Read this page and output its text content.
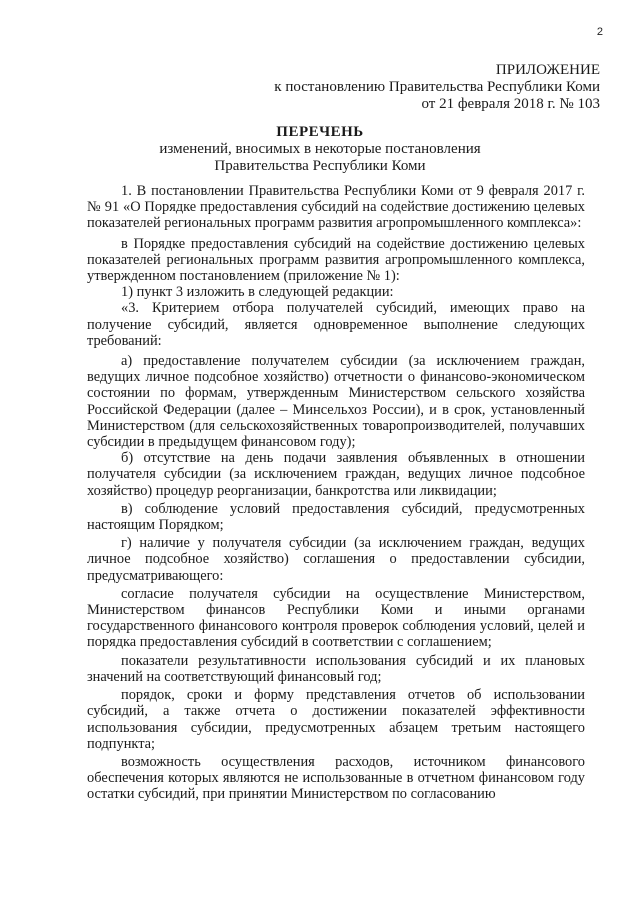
2
ПРИЛОЖЕНИЕ
к постановлению Правительства Республики Коми
от 21 февраля 2018 г. № 103
ПЕРЕЧЕНЬ
изменений, вносимых в некоторые постановления
Правительства Республики Коми

1. В постановлении Правительства Республики Коми от 9 февраля 2017 г. № 91 «О Порядке предоставления субсидий на содействие достижению целевых показателей региональных программ развития агропромышленного комплекса»:

в Порядке предоставления субсидий на содействие достижению целевых показателей региональных программ развития агропромышленного комплекса, утвержденном постановлением (приложение № 1):

1) пункт 3 изложить в следующей редакции:

«3. Критерием отбора получателей субсидий, имеющих право на получение субсидий, является одновременное выполнение следующих требований:

а) предоставление получателем субсидии (за исключением граждан, ведущих личное подсобное хозяйство) отчетности о финансово-экономическом состоянии по формам, утвержденным Министерством сельского хозяйства Российской Федерации (далее – Минсельхоз России), и в срок, установленный Министерством (для сельскохозяйственных товаропроизводителей, получавших субсидии в предыдущем финансовом году);

б) отсутствие на день подачи заявления объявленных в отношении получателя субсидии (за исключением граждан, ведущих личное подсобное хозяйство) процедур реорганизации, банкротства или ликвидации;

в) соблюдение условий предоставления субсидий, предусмотренных настоящим Порядком;

г) наличие у получателя субсидии (за исключением граждан, ведущих личное подсобное хозяйство) соглашения о предоставлении субсидии, предусматривающего:

согласие получателя субсидии на осуществление Министерством, Министерством финансов Республики Коми и иными органами государственного финансового контроля проверок соблюдения условий, целей и порядка предоставления субсидий в соответствии с соглашением;

показатели результативности использования субсидий и их плановых значений на соответствующий финансовый год;

порядок, сроки и форму представления отчетов об использовании субсидий, а также отчета о достижении показателей эффективности использования субсидии, предусмотренных абзацем третьим настоящего подпункта;

возможность осуществления расходов, источником финансового обеспечения которых являются не использованные в отчетном финансовом году остатки субсидий, при принятии Министерством по согласованию
